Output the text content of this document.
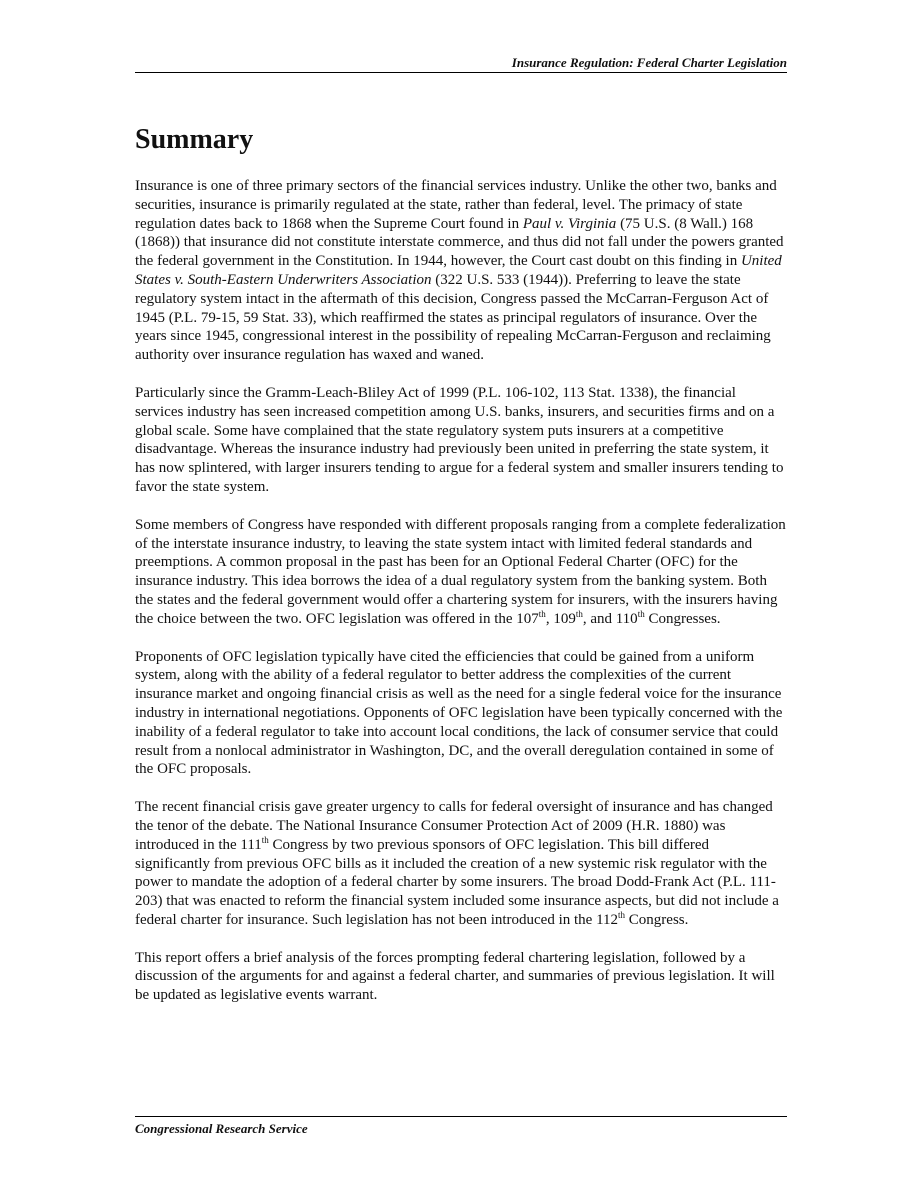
Insurance Regulation: Federal Charter Legislation
Summary

Insurance is one of three primary sectors of the financial services industry. Unlike the other two, banks and securities, insurance is primarily regulated at the state, rather than federal, level. The primacy of state regulation dates back to 1868 when the Supreme Court found in Paul v. Virginia (75 U.S. (8 Wall.) 168 (1868)) that insurance did not constitute interstate commerce, and thus did not fall under the powers granted the federal government in the Constitution. In 1944, however, the Court cast doubt on this finding in United States v. South-Eastern Underwriters Association (322 U.S. 533 (1944)). Preferring to leave the state regulatory system intact in the aftermath of this decision, Congress passed the McCarran-Ferguson Act of 1945 (P.L. 79-15, 59 Stat. 33), which reaffirmed the states as principal regulators of insurance. Over the years since 1945, congressional interest in the possibility of repealing McCarran-Ferguson and reclaiming authority over insurance regulation has waxed and waned.

Particularly since the Gramm-Leach-Bliley Act of 1999 (P.L. 106-102, 113 Stat. 1338), the financial services industry has seen increased competition among U.S. banks, insurers, and securities firms and on a global scale. Some have complained that the state regulatory system puts insurers at a competitive disadvantage. Whereas the insurance industry had previously been united in preferring the state system, it has now splintered, with larger insurers tending to argue for a federal system and smaller insurers tending to favor the state system.

Some members of Congress have responded with different proposals ranging from a complete federalization of the interstate insurance industry, to leaving the state system intact with limited federal standards and preemptions. A common proposal in the past has been for an Optional Federal Charter (OFC) for the insurance industry. This idea borrows the idea of a dual regulatory system from the banking system. Both the states and the federal government would offer a chartering system for insurers, with the insurers having the choice between the two. OFC legislation was offered in the 107th, 109th, and 110th Congresses.

Proponents of OFC legislation typically have cited the efficiencies that could be gained from a uniform system, along with the ability of a federal regulator to better address the complexities of the current insurance market and ongoing financial crisis as well as the need for a single federal voice for the insurance industry in international negotiations. Opponents of OFC legislation have been typically concerned with the inability of a federal regulator to take into account local conditions, the lack of consumer service that could result from a nonlocal administrator in Washington, DC, and the overall deregulation contained in some of the OFC proposals.

The recent financial crisis gave greater urgency to calls for federal oversight of insurance and has changed the tenor of the debate. The National Insurance Consumer Protection Act of 2009 (H.R. 1880) was introduced in the 111th Congress by two previous sponsors of OFC legislation. This bill differed significantly from previous OFC bills as it included the creation of a new systemic risk regulator with the power to mandate the adoption of a federal charter by some insurers. The broad Dodd-Frank Act (P.L. 111-203) that was enacted to reform the financial system included some insurance aspects, but did not include a federal charter for insurance. Such legislation has not been introduced in the 112th Congress.

This report offers a brief analysis of the forces prompting federal chartering legislation, followed by a discussion of the arguments for and against a federal charter, and summaries of previous legislation. It will be updated as legislative events warrant.

Congressional Research Service
